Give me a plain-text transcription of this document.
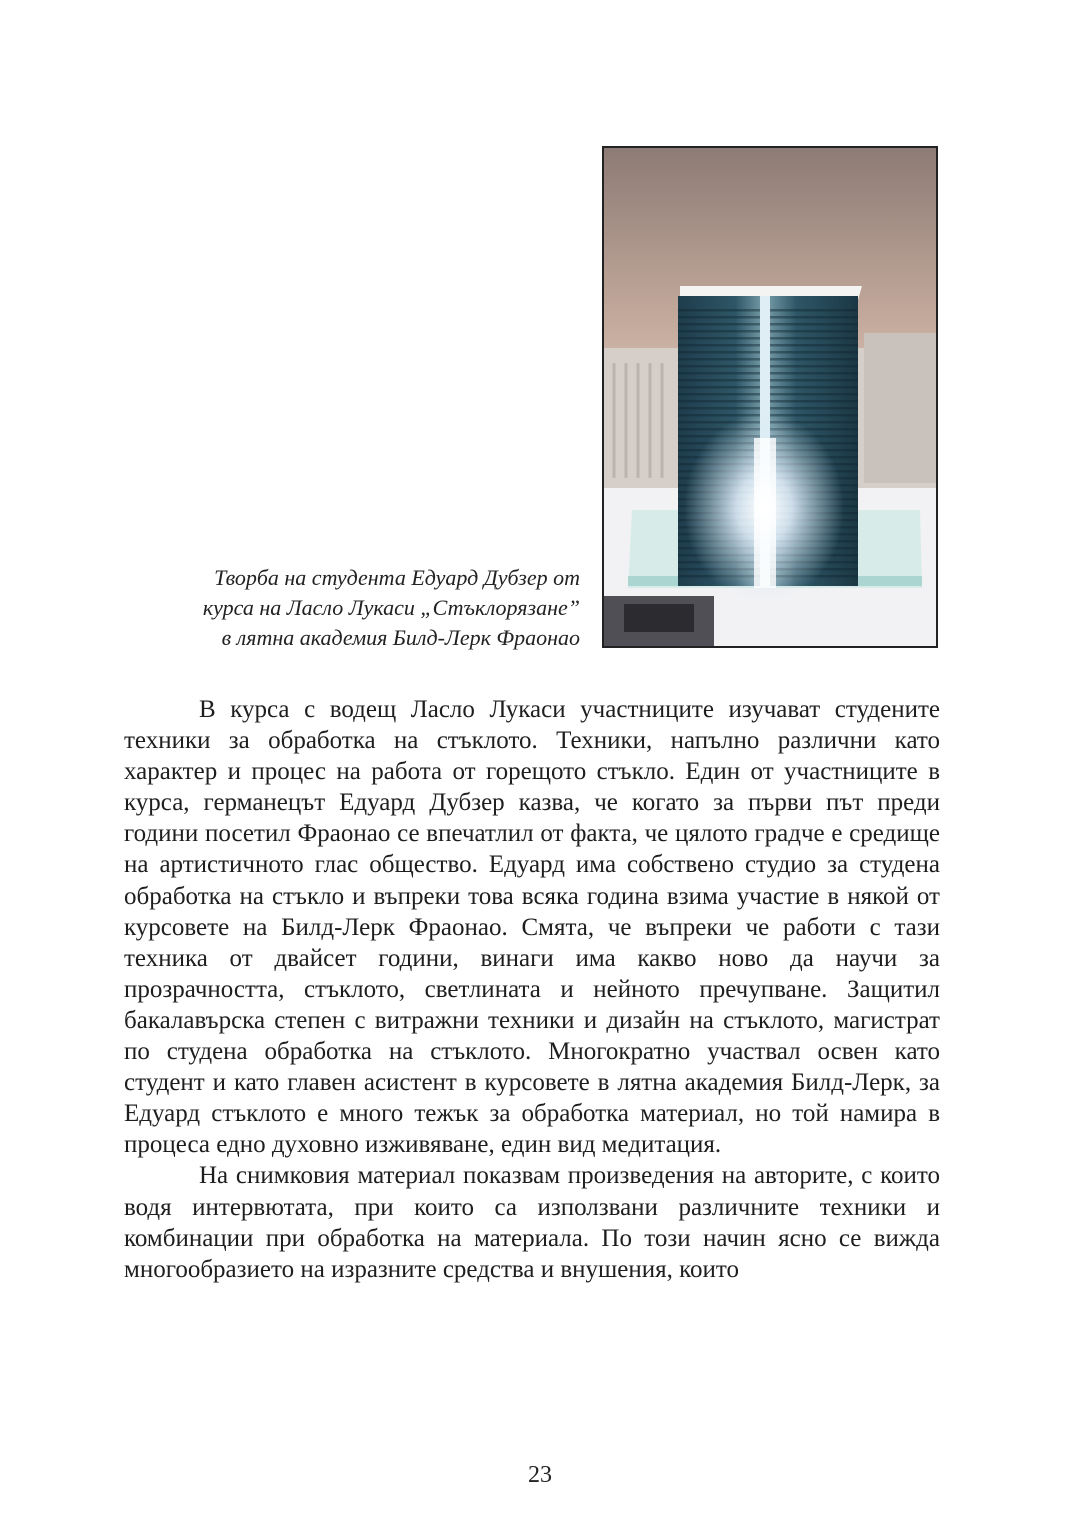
Творба на студента Едуард Дубзер от
курса на Ласло Лукаси „Стъклорязане”
в лятна академия Билд-Лерк Фраонао

В курса с водещ Ласло Лукаси участниците изучават студените техники за обработка на стъклото. Техники, напълно различни като характер и процес на работа от горещото стъкло. Един от участниците в курса, германецът Едуард Дубзер казва, че когато за първи път преди години посетил Фраонао се впечатлил от факта, че цялото градче е средище на артистичното глас общество. Едуард има собствено студио за студена обработка на стъкло и въпреки това всяка година взима участие в някой от курсовете на Билд-Лерк Фраонао. Смята, че въпреки че работи с тази техника от двайсет години, винаги има какво ново да научи за прозрачността, стъклото, светлината и нейното пречупване. Защитил бакалавърска степен с витражни техники и дизайн на стъклото, магистрат по студена обработка на стъклото. Многократно участвал освен като студент и като главен асистент в курсовете в лятна академия Билд-Лерк, за Едуард стъклото е много тежък за обработка материал, но той намира в процеса едно духовно изживяване, един вид медитация.

На снимковия материал показвам произведения на авторите, с които водя интервютата, при които са използвани различните техники и комбинации при обработка на материала. По този начин ясно се вижда многообразието на изразните средства и внушения, които

23
